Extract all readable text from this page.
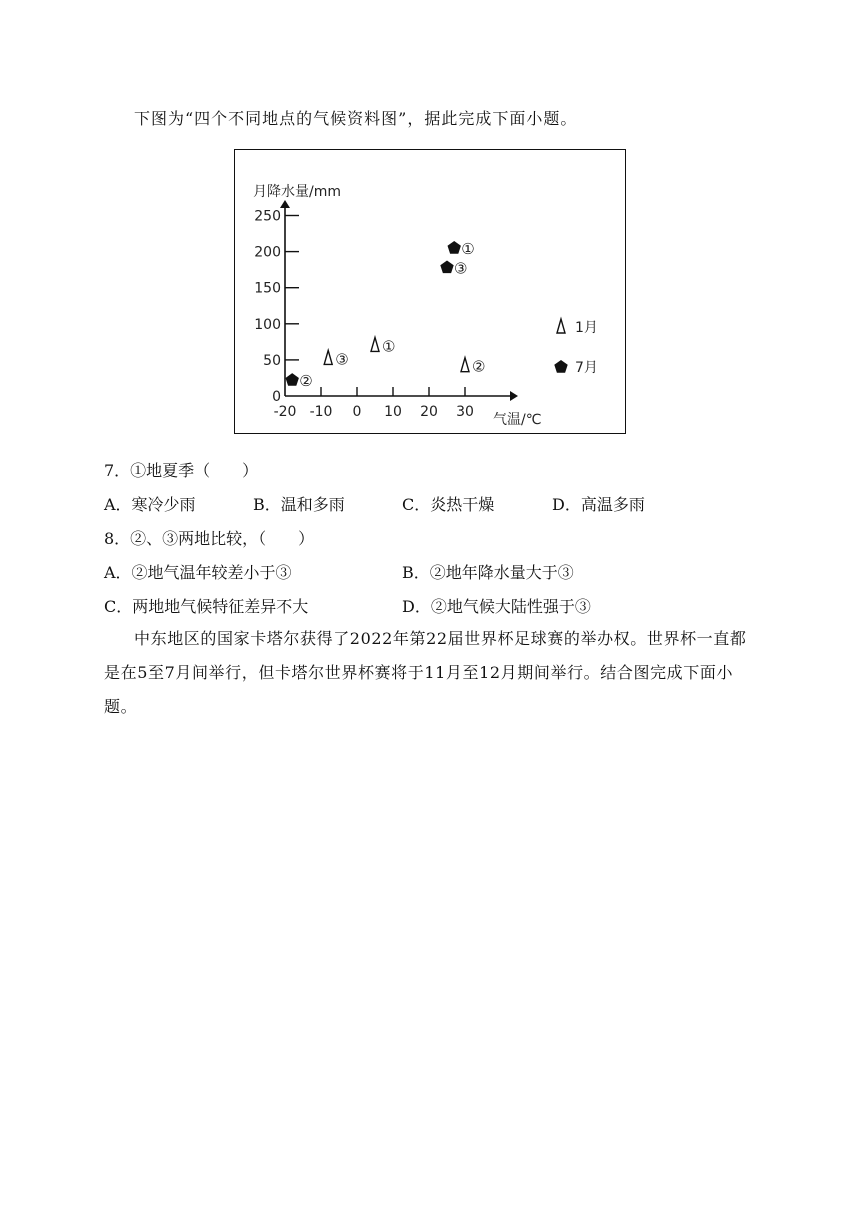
下图为“四个不同地点的气候资料图”，据此完成下面小题。
月降水量/mm
气温/℃
-20 -10 0 10 20 30
0
50
100
150
200
250
①
②
③
①
②
③
1月
7月
7．①地夏季（　　）
A．寒冷少雨	B．温和多雨	C．炎热干燥	D．高温多雨
8．②、③两地比较，（　　）
A．②地气温年较差小于③	B．②地年降水量大于③
C．两地地气候特征差异不大	D．②地气候大陆性强于③
中东地区的国家卡塔尔获得了2022年第22届世界杯足球赛的举办权。世界杯一直都是在5至7月间举行，但卡塔尔世界杯赛将于11月至12月期间举行。结合图完成下面小题。
